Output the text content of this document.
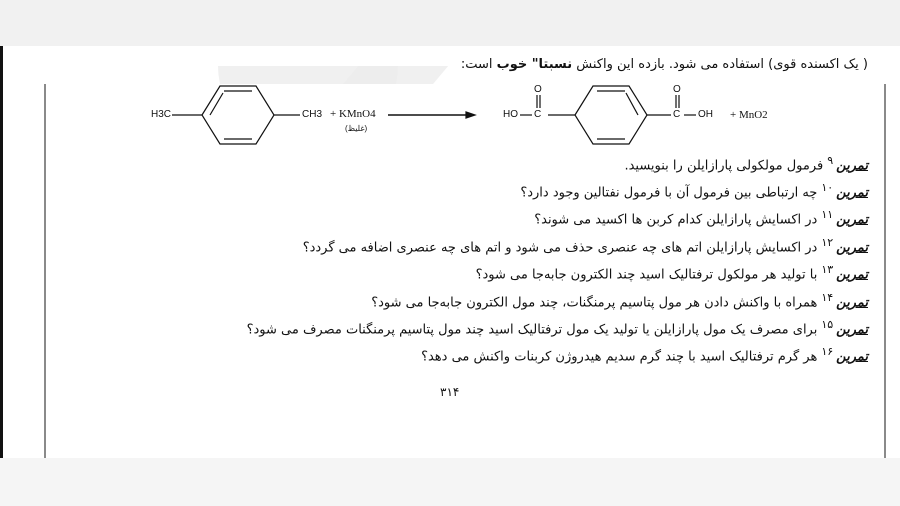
( یک اکسنده قوی) استفاده می شود. بازده این واکنش نسبتا" خوب است:
H3C	CH3 + KMnO4
(غلیظ)
HO C
O
C
O
OH + MnO2
تمرین$^۹$فرمول مولکولی پارازایلن را بنویسید.
تمرین$^{۱۰}$چه ارتباطی بین فرمول آن با فرمول نفتالین وجود دارد؟
تمرین$^{۱۱}$در اکسایش پارازایلن کدام کربن ها اکسید می شوند؟
تمرین$^{۱۲}$در اکسایش پارازایلن اتم های چه عنصری حذف می شود و اتم های چه عنصری اضافه می گردد؟
تمرین$^{۱۳}$با تولید هر مولکول ترفتالیک اسید چند الکترون جابه‌جا می شود؟
تمرین$^{۱۴}$همراه با واکنش دادن هر مول پتاسیم پرمنگنات، چند مول الکترون جابه‌جا می شود؟
تمرین$^{۱۵}$برای مصرف یک مول پارازایلن یا تولید یک مول ترفتالیک اسید چند مول پتاسیم پرمنگنات مصرف می شود؟
تمرین$^{۱۶}$هر گرم ترفتالیک اسید با چند گرم سدیم هیدروژن کربنات واکنش می دهد؟
۳۱۴
